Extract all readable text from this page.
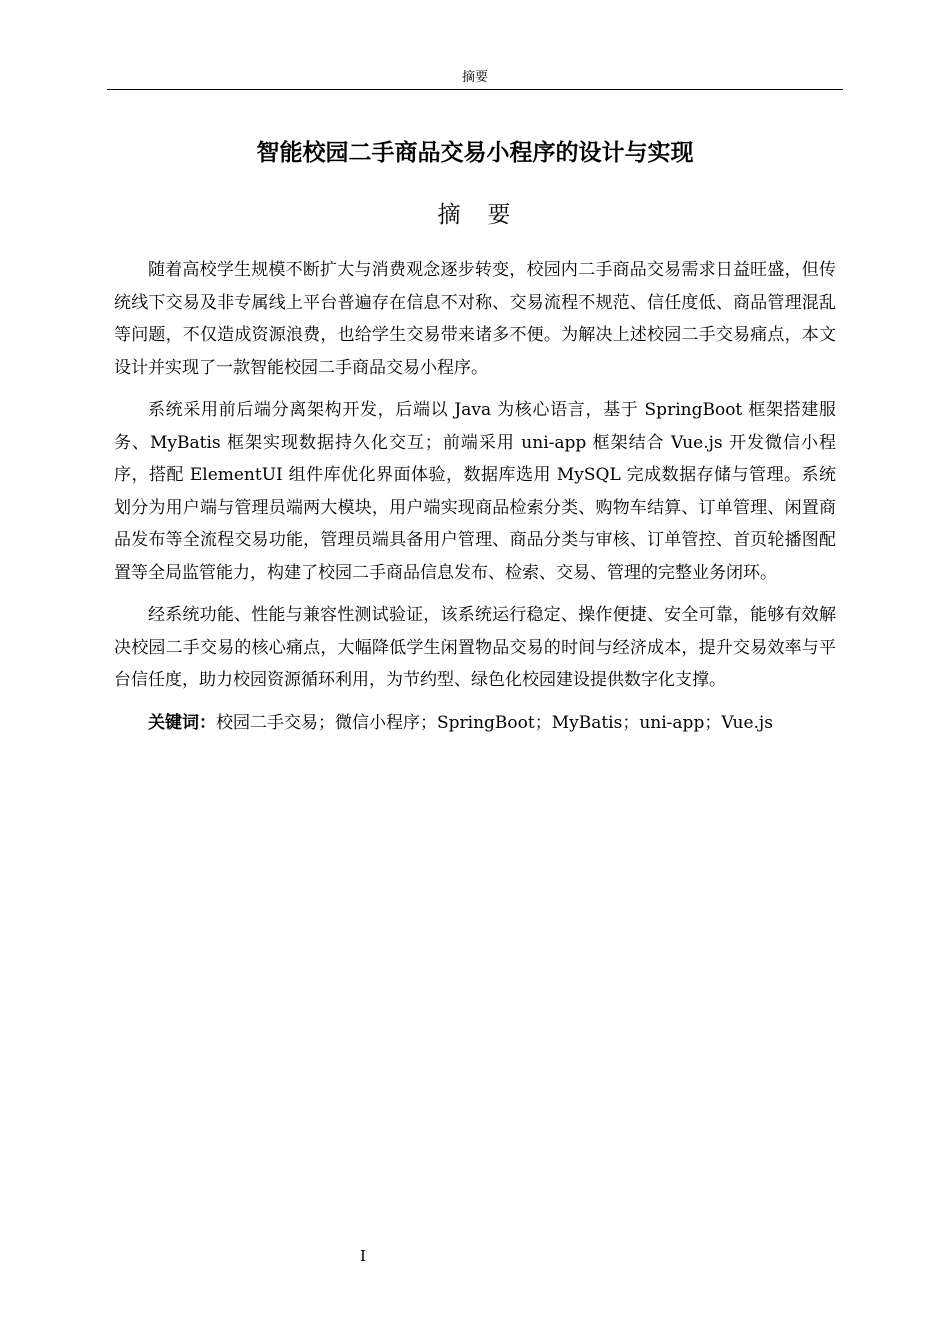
摘要
智能校园二手商品交易小程序的设计与实现
摘　要

随着高校学生规模不断扩大与消费观念逐步转变，校园内二手商品交易需求日益旺盛，但传统线下交易及非专属线上平台普遍存在信息不对称、交易流程不规范、信任度低、商品管理混乱等问题，不仅造成资源浪费，也给学生交易带来诸多不便。为解决上述校园二手交易痛点，本文设计并实现了一款智能校园二手商品交易小程序。

系统采用前后端分离架构开发，后端以 Java 为核心语言，基于 SpringBoot 框架搭建服务、MyBatis 框架实现数据持久化交互；前端采用 uni-app 框架结合 Vue.js 开发微信小程序，搭配 ElementUI 组件库优化界面体验，数据库选用 MySQL 完成数据存储与管理。系统划分为用户端与管理员端两大模块，用户端实现商品检索分类、购物车结算、订单管理、闲置商品发布等全流程交易功能，管理员端具备用户管理、商品分类与审核、订单管控、首页轮播图配置等全局监管能力，构建了校园二手商品信息发布、检索、交易、管理的完整业务闭环。

经系统功能、性能与兼容性测试验证，该系统运行稳定、操作便捷、安全可靠，能够有效解决校园二手交易的核心痛点，大幅降低学生闲置物品交易的时间与经济成本，提升交易效率与平台信任度，助力校园资源循环利用，为节约型、绿色化校园建设提供数字化支撑。

关键词：校园二手交易；微信小程序；SpringBoot；MyBatis；uni-app；Vue.js

I
